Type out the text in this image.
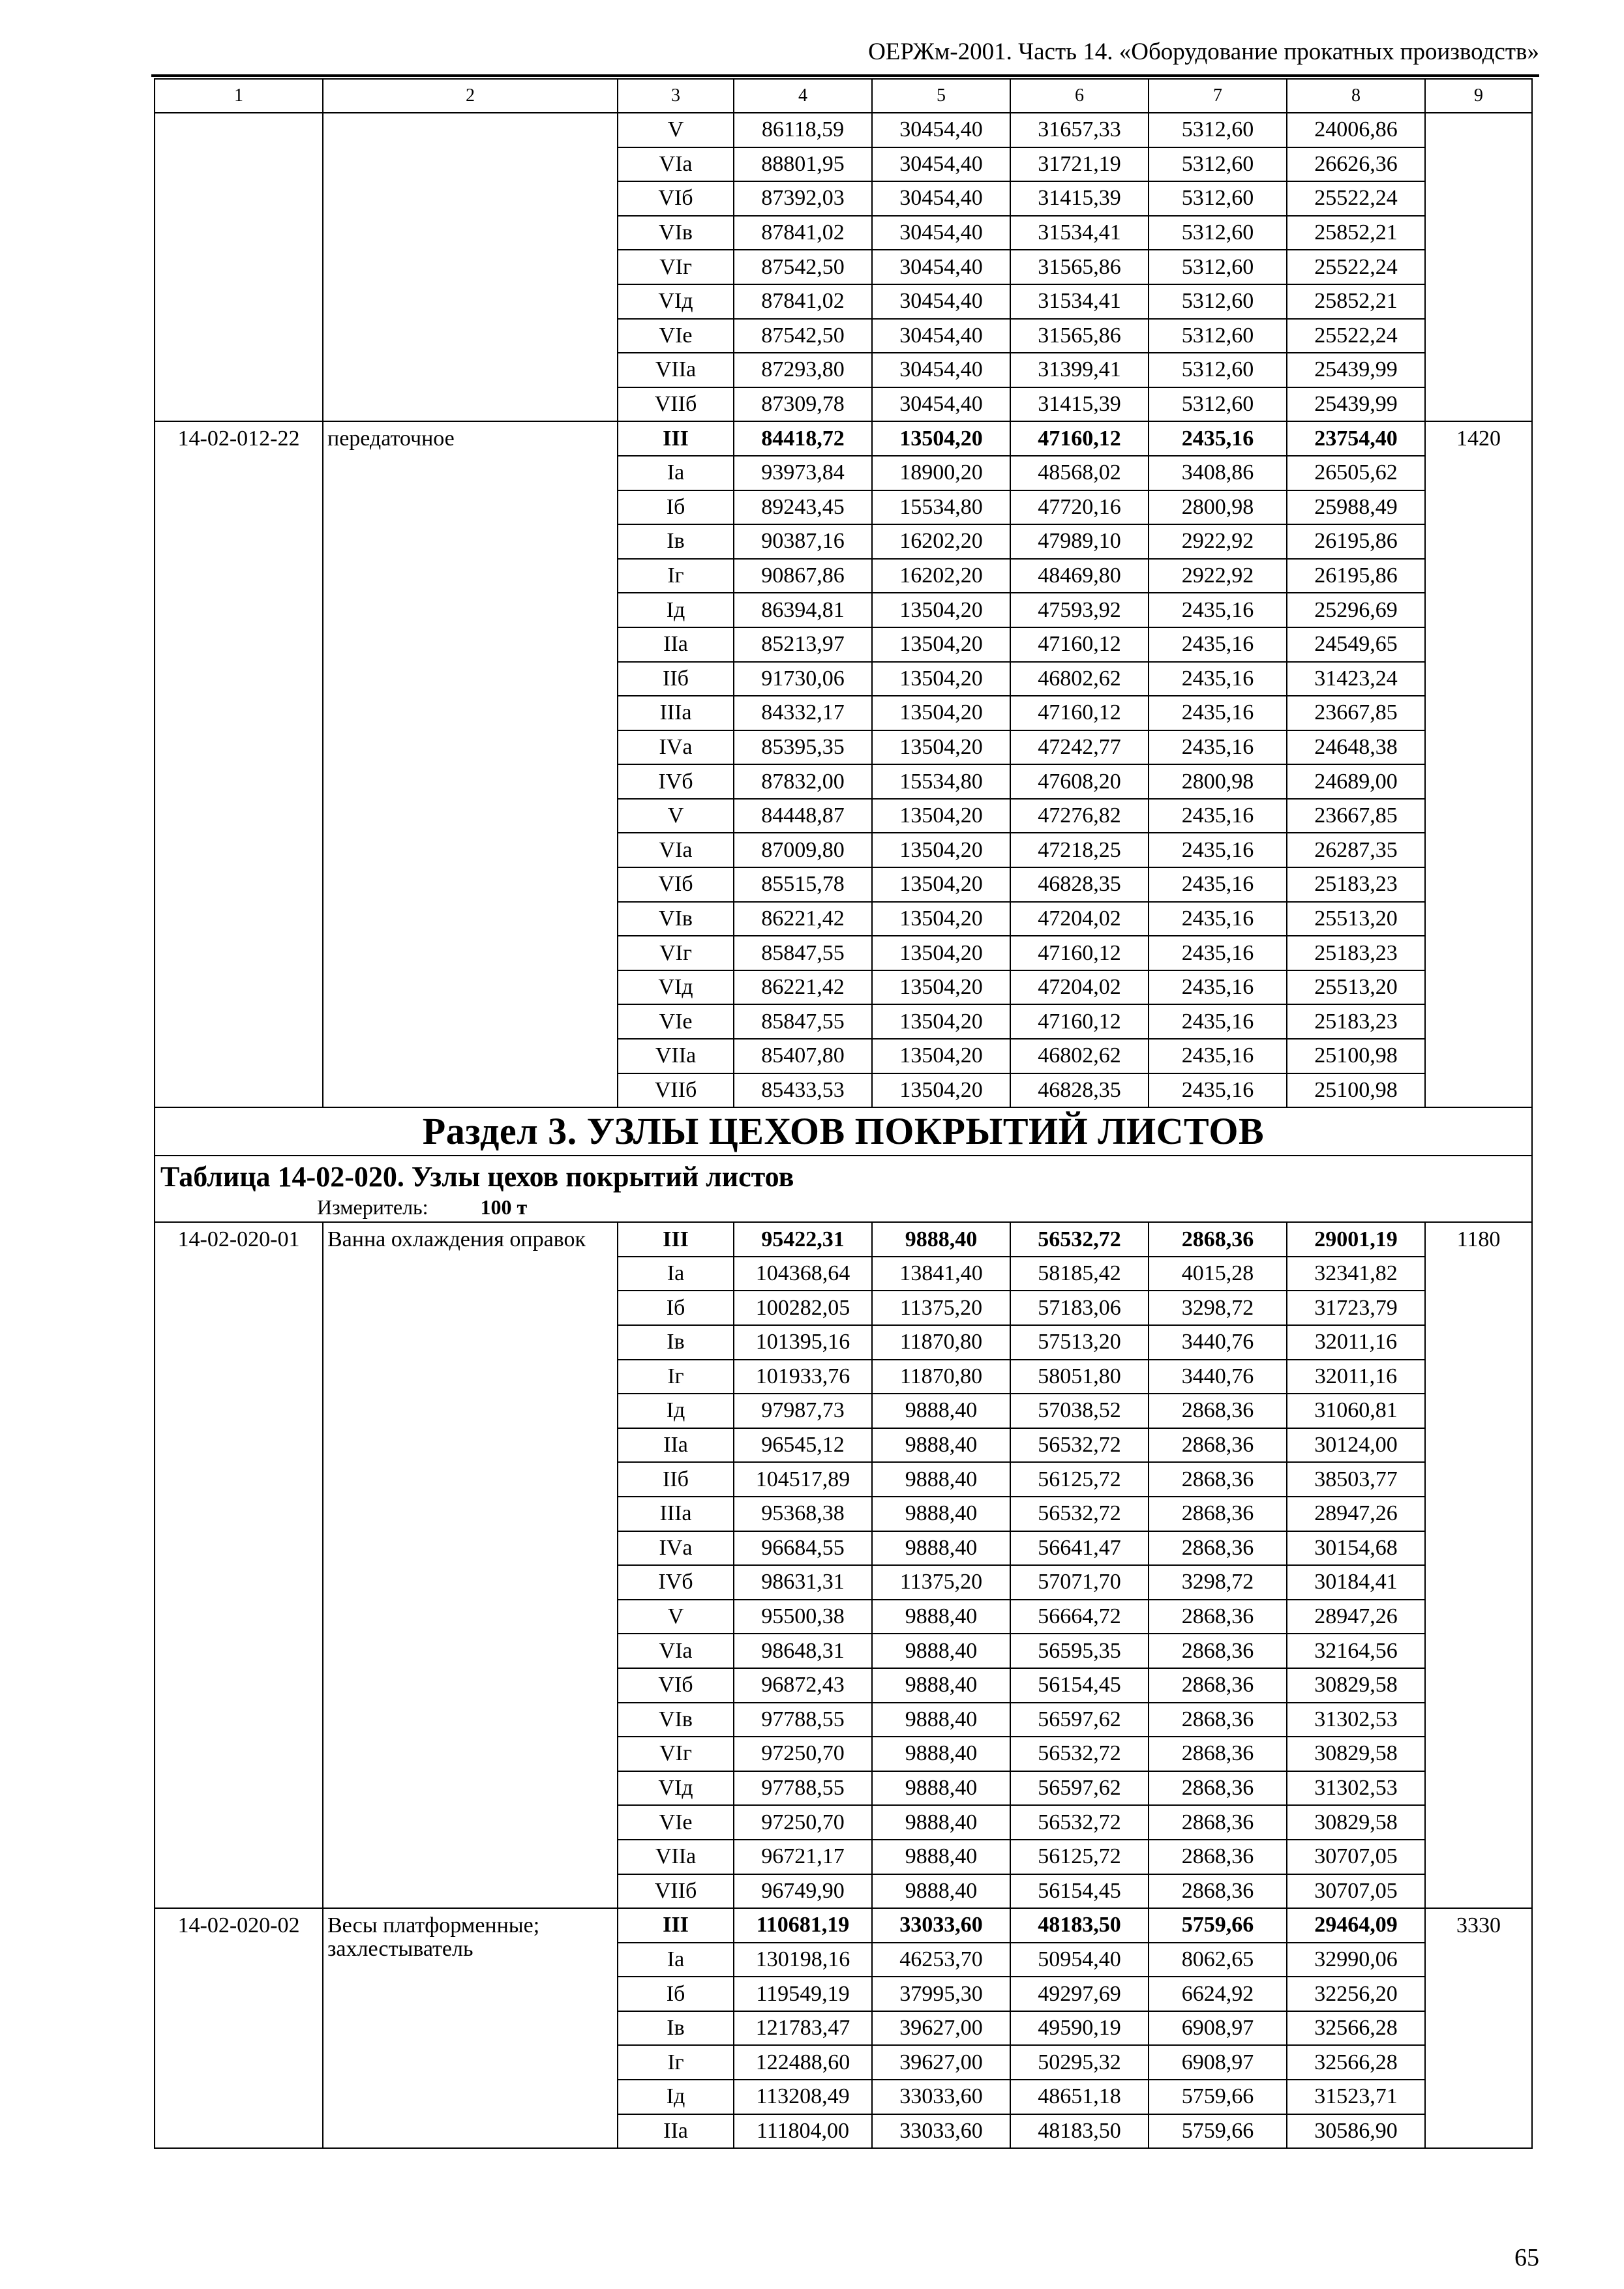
ОЕРЖм-2001. Часть 14. «Оборудование прокатных производств»
1	2	3	4	5	6	7	8	9
		V	86118,59	30454,40	31657,33	5312,60	24006,86	
		VIа	88801,95	30454,40	31721,19	5312,60	26626,36	
		VIб	87392,03	30454,40	31415,39	5312,60	25522,24	
		VIв	87841,02	30454,40	31534,41	5312,60	25852,21	
		VIг	87542,50	30454,40	31565,86	5312,60	25522,24	
		VIд	87841,02	30454,40	31534,41	5312,60	25852,21	
		VIе	87542,50	30454,40	31565,86	5312,60	25522,24	
		VIIа	87293,80	30454,40	31399,41	5312,60	25439,99	
		VIIб	87309,78	30454,40	31415,39	5312,60	25439,99	
14-02-012-22	передаточное	III	84418,72	13504,20	47160,12	2435,16	23754,40	1420
		Iа	93973,84	18900,20	48568,02	3408,86	26505,62	
		Iб	89243,45	15534,80	47720,16	2800,98	25988,49	
		Iв	90387,16	16202,20	47989,10	2922,92	26195,86	
		Iг	90867,86	16202,20	48469,80	2922,92	26195,86	
		Iд	86394,81	13504,20	47593,92	2435,16	25296,69	
		IIа	85213,97	13504,20	47160,12	2435,16	24549,65	
		IIб	91730,06	13504,20	46802,62	2435,16	31423,24	
		IIIа	84332,17	13504,20	47160,12	2435,16	23667,85	
		IVа	85395,35	13504,20	47242,77	2435,16	24648,38	
		IVб	87832,00	15534,80	47608,20	2800,98	24689,00	
		V	84448,87	13504,20	47276,82	2435,16	23667,85	
		VIа	87009,80	13504,20	47218,25	2435,16	26287,35	
		VIб	85515,78	13504,20	46828,35	2435,16	25183,23	
		VIв	86221,42	13504,20	47204,02	2435,16	25513,20	
		VIг	85847,55	13504,20	47160,12	2435,16	25183,23	
		VIд	86221,42	13504,20	47204,02	2435,16	25513,20	
		VIе	85847,55	13504,20	47160,12	2435,16	25183,23	
		VIIа	85407,80	13504,20	46802,62	2435,16	25100,98	
		VIIб	85433,53	13504,20	46828,35	2435,16	25100,98	
Раздел 3. УЗЛЫ ЦЕХОВ ПОКРЫТИЙ ЛИСТОВ								

Таблица 14-02-020. Узлы цехов покрытий листов
Измеритель: 100 т								

14-02-020-01	Ванна охлаждения оправок	III	95422,31	9888,40	56532,72	2868,36	29001,19	1180
		Iа	104368,64	13841,40	58185,42	4015,28	32341,82	
		Iб	100282,05	11375,20	57183,06	3298,72	31723,79	
		Iв	101395,16	11870,80	57513,20	3440,76	32011,16	
		Iг	101933,76	11870,80	58051,80	3440,76	32011,16	
		Iд	97987,73	9888,40	57038,52	2868,36	31060,81	
		IIа	96545,12	9888,40	56532,72	2868,36	30124,00	
		IIб	104517,89	9888,40	56125,72	2868,36	38503,77	
		IIIа	95368,38	9888,40	56532,72	2868,36	28947,26	
		IVа	96684,55	9888,40	56641,47	2868,36	30154,68	
		IVб	98631,31	11375,20	57071,70	3298,72	30184,41	
		V	95500,38	9888,40	56664,72	2868,36	28947,26	
		VIа	98648,31	9888,40	56595,35	2868,36	32164,56	
		VIб	96872,43	9888,40	56154,45	2868,36	30829,58	
		VIв	97788,55	9888,40	56597,62	2868,36	31302,53	
		VIг	97250,70	9888,40	56532,72	2868,36	30829,58	
		VIд	97788,55	9888,40	56597,62	2868,36	31302,53	
		VIе	97250,70	9888,40	56532,72	2868,36	30829,58	
		VIIа	96721,17	9888,40	56125,72	2868,36	30707,05	
		VIIб	96749,90	9888,40	56154,45	2868,36	30707,05	
14-02-020-02	Весы платформенные; захлестыватель	III	110681,19	33033,60	48183,50	5759,66	29464,09	3330
		Iа	130198,16	46253,70	50954,40	8062,65	32990,06	
		Iб	119549,19	37995,30	49297,69	6624,92	32256,20	
		Iв	121783,47	39627,00	49590,19	6908,97	32566,28	
		Iг	122488,60	39627,00	50295,32	6908,97	32566,28	
		Iд	113208,49	33033,60	48651,18	5759,66	31523,71	
		IIа	111804,00	33033,60	48183,50	5759,66	30586,90	
65
